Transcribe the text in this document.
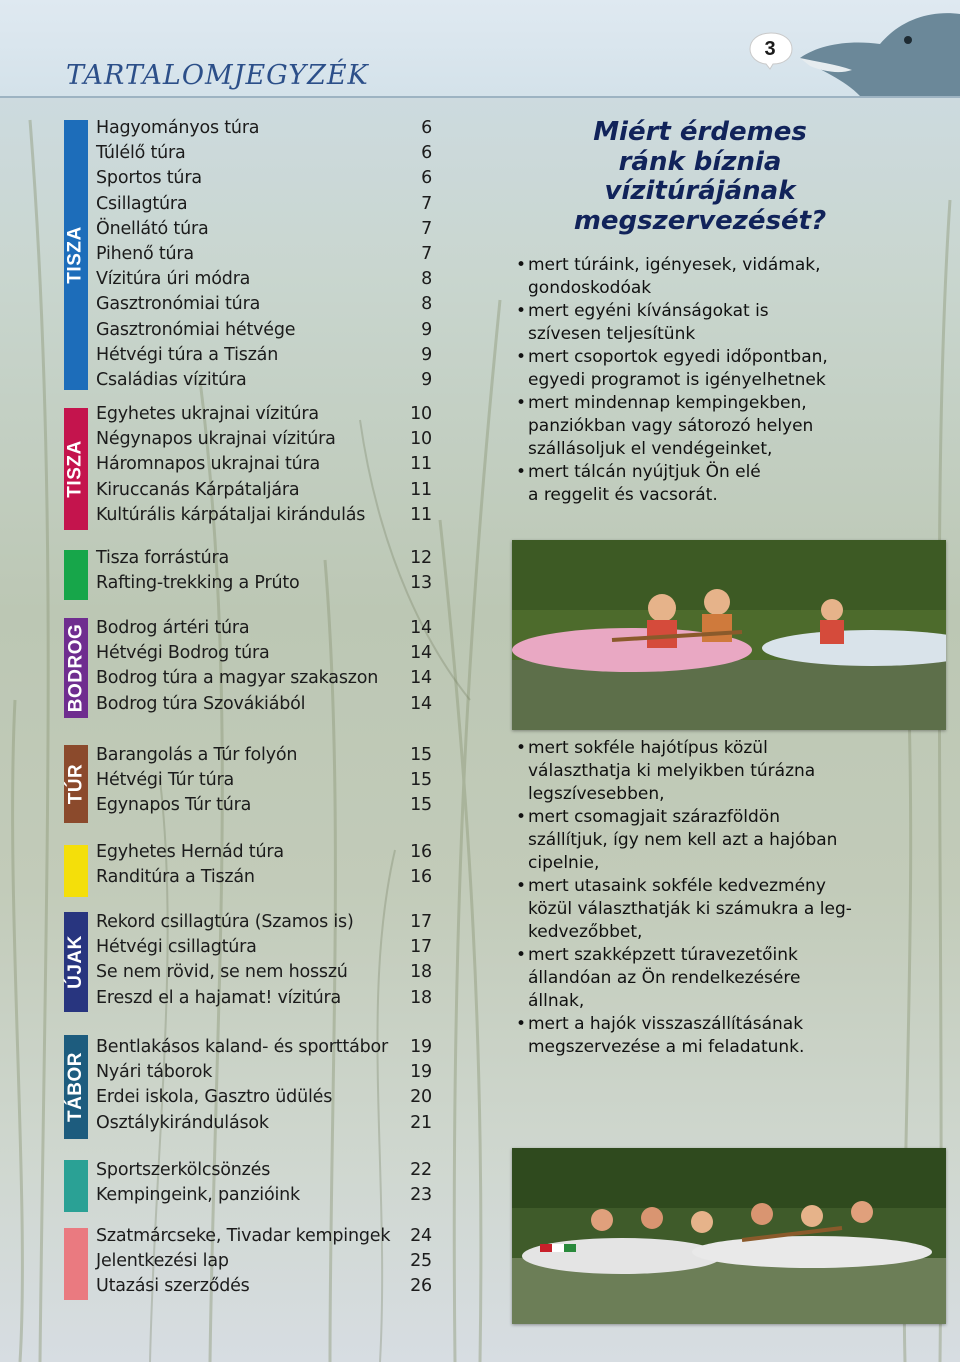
TARTALOMJEGYZÉK
3
TISZA
TISZA
BODROG
TÚR
ÚJAK
TÁBOR
Hagyományos túra	6
Túlélő túra	6
Sportos túra	6
Csillagtúra	7
Önellátó túra	7
Pihenő túra	7
Vízitúra úri módra	8
Gasztronómiai túra	8
Gasztronómiai hétvége	9
Hétvégi túra a Tiszán	9
Családias vízitúra	9
Egyhetes ukrajnai vízitúra	10
Négynapos ukrajnai vízitúra	10
Háromnapos ukrajnai túra	11
Kiruccanás Kárpátaljára	11
Kultúrális kárpátaljai kirándulás	11
Tisza forrástúra	12
Rafting-trekking a Prúto	13
Bodrog ártéri túra	14
Hétvégi Bodrog túra	14
Bodrog túra a magyar szakaszon 14
Bodrog túra Szovákiából	14
Barangolás a Túr folyón	15
Hétvégi Túr túra	15
Egynapos Túr túra	15
Egyhetes Hernád túra	16
Randitúra a Tiszán	16
Rekord csillagtúra (Szamos is)	17
Hétvégi csillagtúra	17
Se nem rövid, se nem hosszú	18
Ereszd el a hajamat! vízitúra	18
Bentlakásos kaland- és sporttábor 19
Nyári táborok	19
Erdei iskola, Gasztro üdülés	20
Osztálykirándulások	21
Sportszerkölcsönzés	22
Kempingeink, panzióink	23
Szatmárcseke, Tivadar kempingek 24
Jelentkezési lap	25
Utazási szerződés	26
Miért érdemes
ránk bíznia
vízitúrájának
megszervezését?
• mert túráink, igényesek, vidámak,
gondoskodóak
• mert egyéni kívánságokat is
szívesen teljesítünk
• mert csoportok egyedi időpontban,
egyedi programot is igényelhetnek
• mert mindennap kempingekben,
panziókban vagy sátorozó helyen
szállásoljuk el vendégeinket,
• mert tálcán nyújtjuk Ön elé
a reggelit és vacsorát.
• mert sokféle hajótípus közül
választhatja ki melyikben túrázna
legszívesebben,
• mert csomagjait szárazföldön
szállítjuk, így nem kell azt a hajóban
cipelnie,
• mert utasaink sokféle kedvezmény
közül választhatják ki számukra a leg-
kedvezőbbet,
• mert szakképzett túravezetőink
állandóan az Ön rendelkezésére
állnak,
• mert a hajók visszaszállításának
megszervezése a mi feladatunk.
